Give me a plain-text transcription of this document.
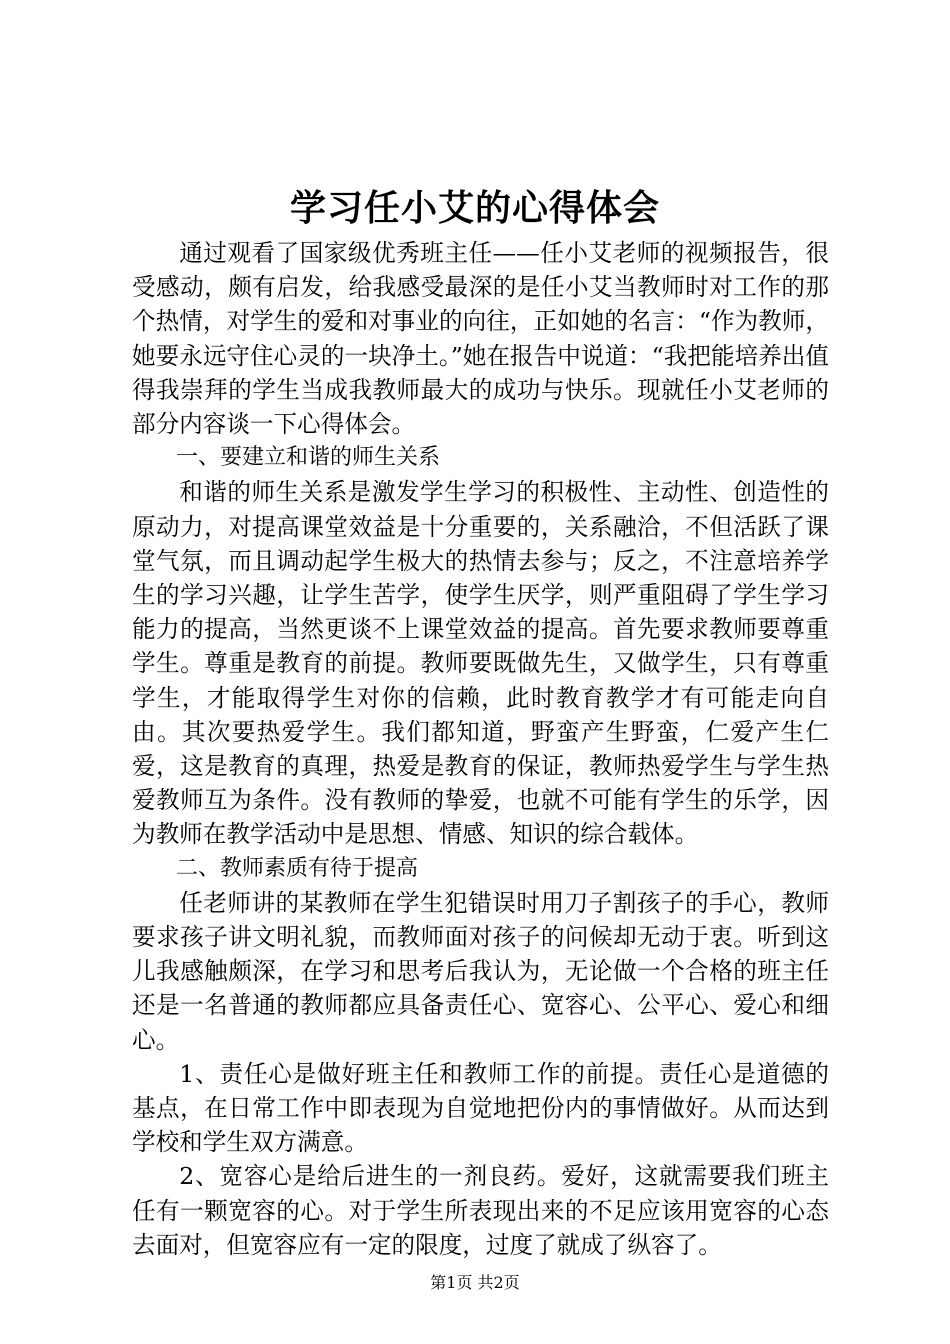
学习任小艾的心得体会

通过观看了国家级优秀班主任——任小艾老师的视频报告，很受感动，颇有启发，给我感受最深的是任小艾当教师时对工作的那个热情，对学生的爱和对事业的向往，正如她的名言：“作为教师，她要永远守住心灵的一块净土。”她在报告中说道：“我把能培养出值得我崇拜的学生当成我教师最大的成功与快乐。现就任小艾老师的部分内容谈一下心得体会。

一、要建立和谐的师生关系

和谐的师生关系是激发学生学习的积极性、主动性、创造性的原动力，对提高课堂效益是十分重要的，关系融洽，不但活跃了课堂气氛，而且调动起学生极大的热情去参与；反之，不注意培养学生的学习兴趣，让学生苦学，使学生厌学，则严重阻碍了学生学习能力的提高，当然更谈不上课堂效益的提高。首先要求教师要尊重学生。尊重是教育的前提。教师要既做先生，又做学生，只有尊重学生，才能取得学生对你的信赖，此时教育教学才有可能走向自由。其次要热爱学生。我们都知道，野蛮产生野蛮，仁爱产生仁爱，这是教育的真理，热爱是教育的保证，教师热爱学生与学生热爱教师互为条件。没有教师的挚爱，也就不可能有学生的乐学，因为教师在教学活动中是思想、情感、知识的综合载体。

二、教师素质有待于提高

任老师讲的某教师在学生犯错误时用刀子割孩子的手心，教师要求孩子讲文明礼貌，而教师面对孩子的问候却无动于衷。听到这儿我感触颇深，在学习和思考后我认为，无论做一个合格的班主任还是一名普通的教师都应具备责任心、宽容心、公平心、爱心和细心。

1、责任心是做好班主任和教师工作的前提。责任心是道德的基点，在日常工作中即表现为自觉地把份内的事情做好。从而达到学校和学生双方满意。

2、宽容心是给后进生的一剂良药。爱好，这就需要我们班主任有一颗宽容的心。对于学生所表现出来的不足应该用宽容的心态去面对，但宽容应有一定的限度，过度了就成了纵容了。

第1页 共2页
